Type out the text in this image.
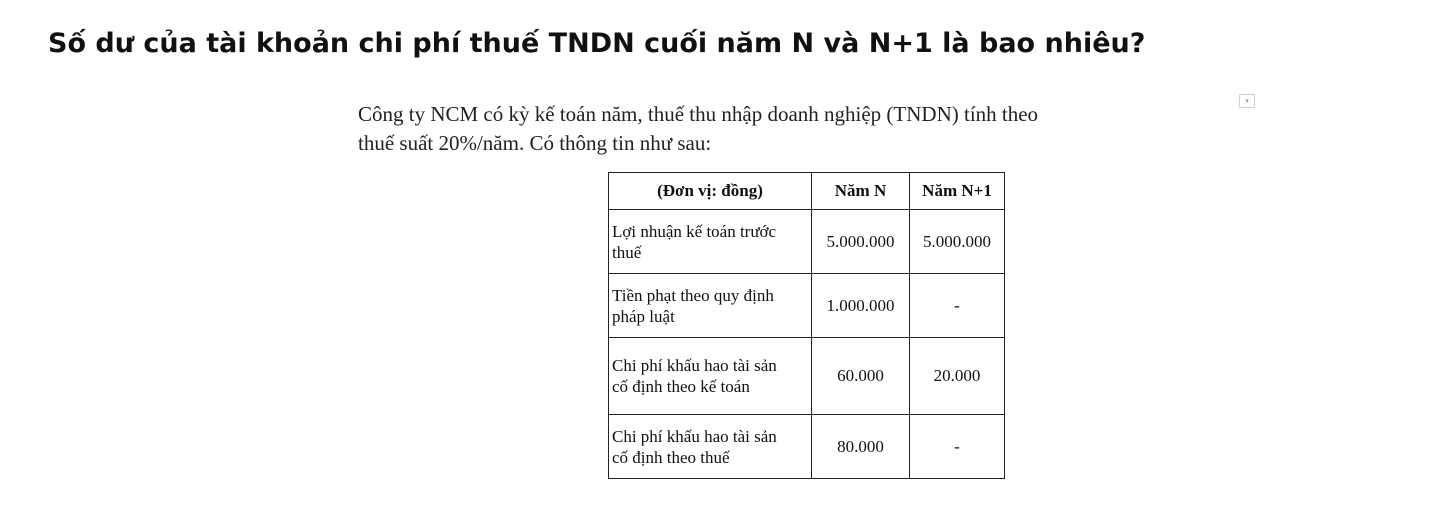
Số dư của tài khoản chi phí thuế TNDN cuối năm N và N+1 là bao nhiêu?

Công ty NCM có kỳ kế toán năm, thuế thu nhập doanh nghiệp (TNDN) tính theo
thuế suất 20%/năm. Có thông tin như sau:

▾
(Đơn vị: đồng)	Năm N	Năm N+1
Lợi nhuận kế toán trước
thuế	5.000.000	5.000.000
Tiền phạt theo quy định
pháp luật	1.000.000	-
Chi phí khấu hao tài sản
cố định theo kế toán	60.000	20.000
Chi phí khấu hao tài sản
cố định theo thuế	80.000	-
